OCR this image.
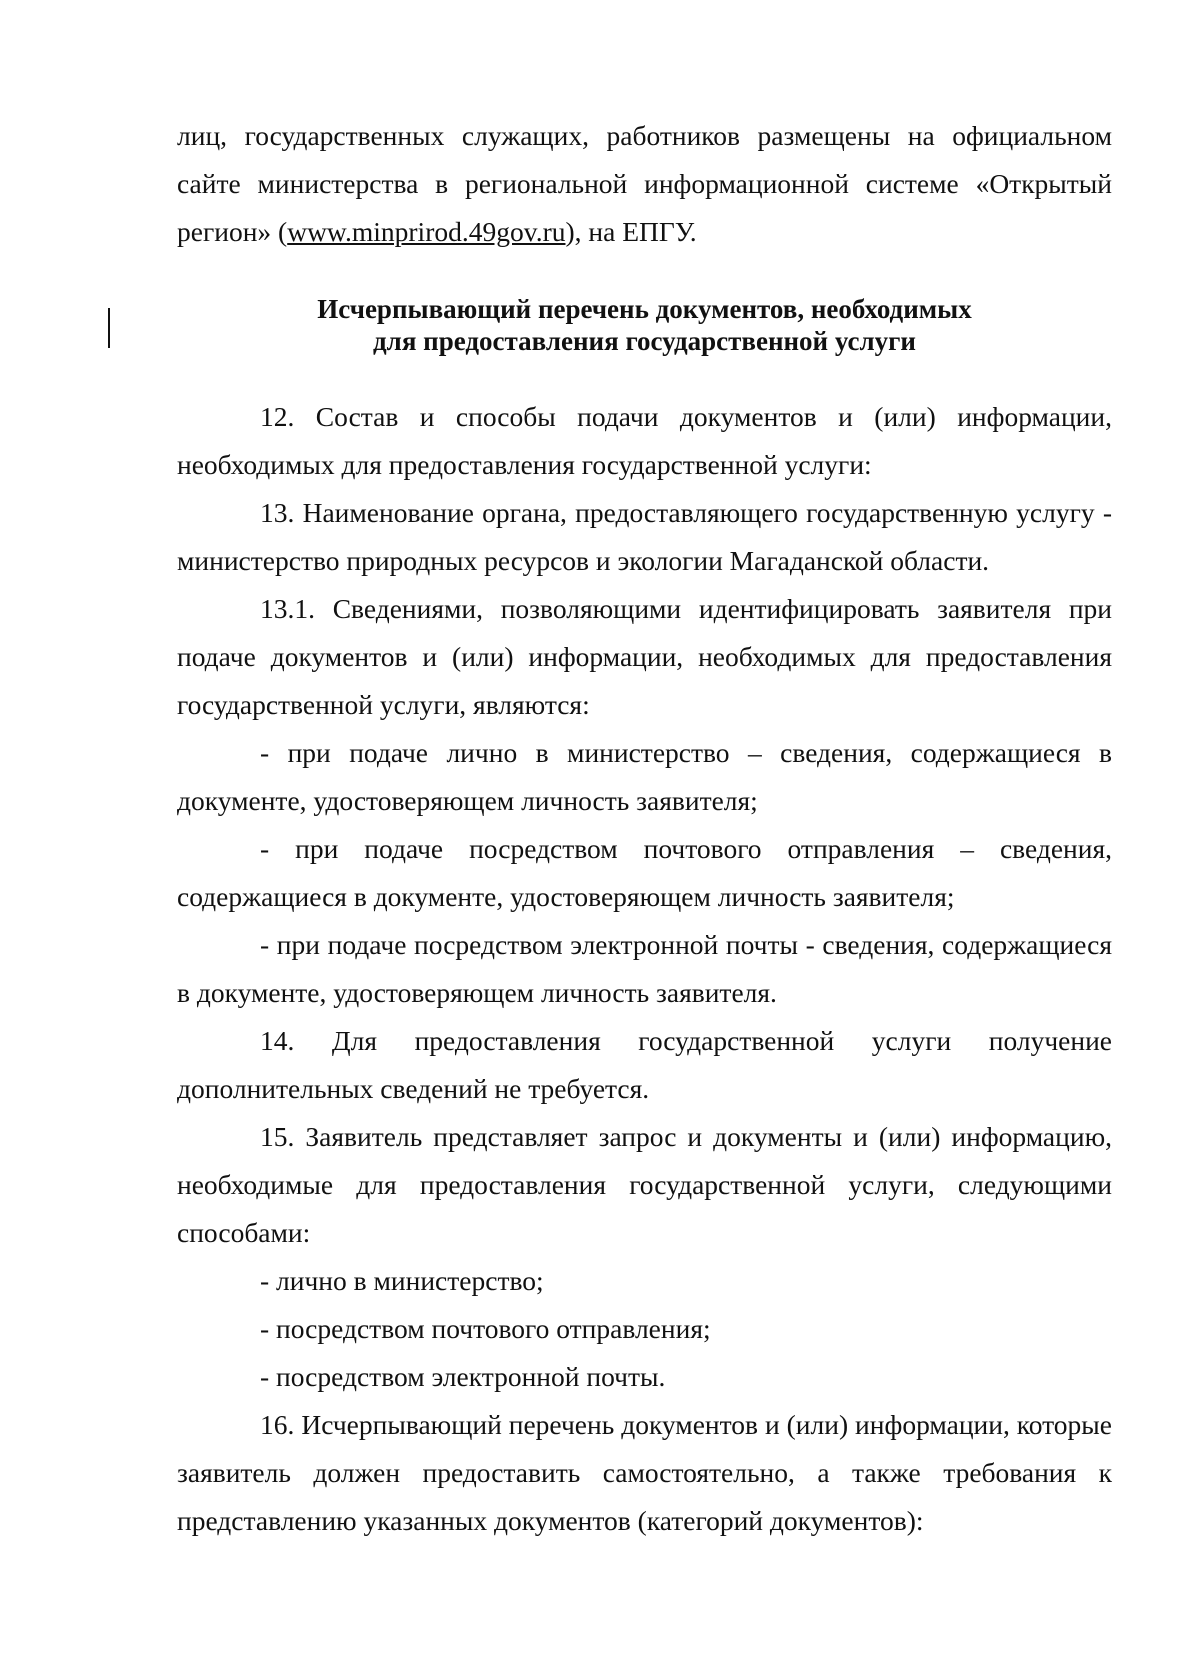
лиц, государственных служащих, работников размещены на официальном сайте министерства в региональной информационной системе «Открытый регион» (www.minprirod.49gov.ru), на ЕПГУ.

Исчерпывающий перечень документов, необходимых
для предоставления государственной услуги

12. Состав и способы подачи документов и (или) информации, необходимых для предоставления государственной услуги:

13. Наименование органа, предоставляющего государственную услугу - министерство природных ресурсов и экологии Магаданской области.

13.1. Сведениями, позволяющими идентифицировать заявителя при подаче документов и (или) информации, необходимых для предоставления государственной услуги, являются:

- при подаче лично в министерство – сведения, содержащиеся в документе, удостоверяющем личность заявителя;

- при подаче посредством почтового отправления – сведения, содержащиеся в документе, удостоверяющем личность заявителя;

- при подаче посредством электронной почты - сведения, содержащиеся в документе, удостоверяющем личность заявителя.

14. Для предоставления государственной услуги получение дополнительных сведений не требуется.

15. Заявитель представляет запрос и документы и (или) информацию, необходимые для предоставления государственной услуги, следующими способами:

- лично в министерство;

- посредством почтового отправления;

- посредством электронной почты.

16. Исчерпывающий перечень документов и (или) информации, которые заявитель должен предоставить самостоятельно, а также требования к представлению указанных документов (категорий документов):
